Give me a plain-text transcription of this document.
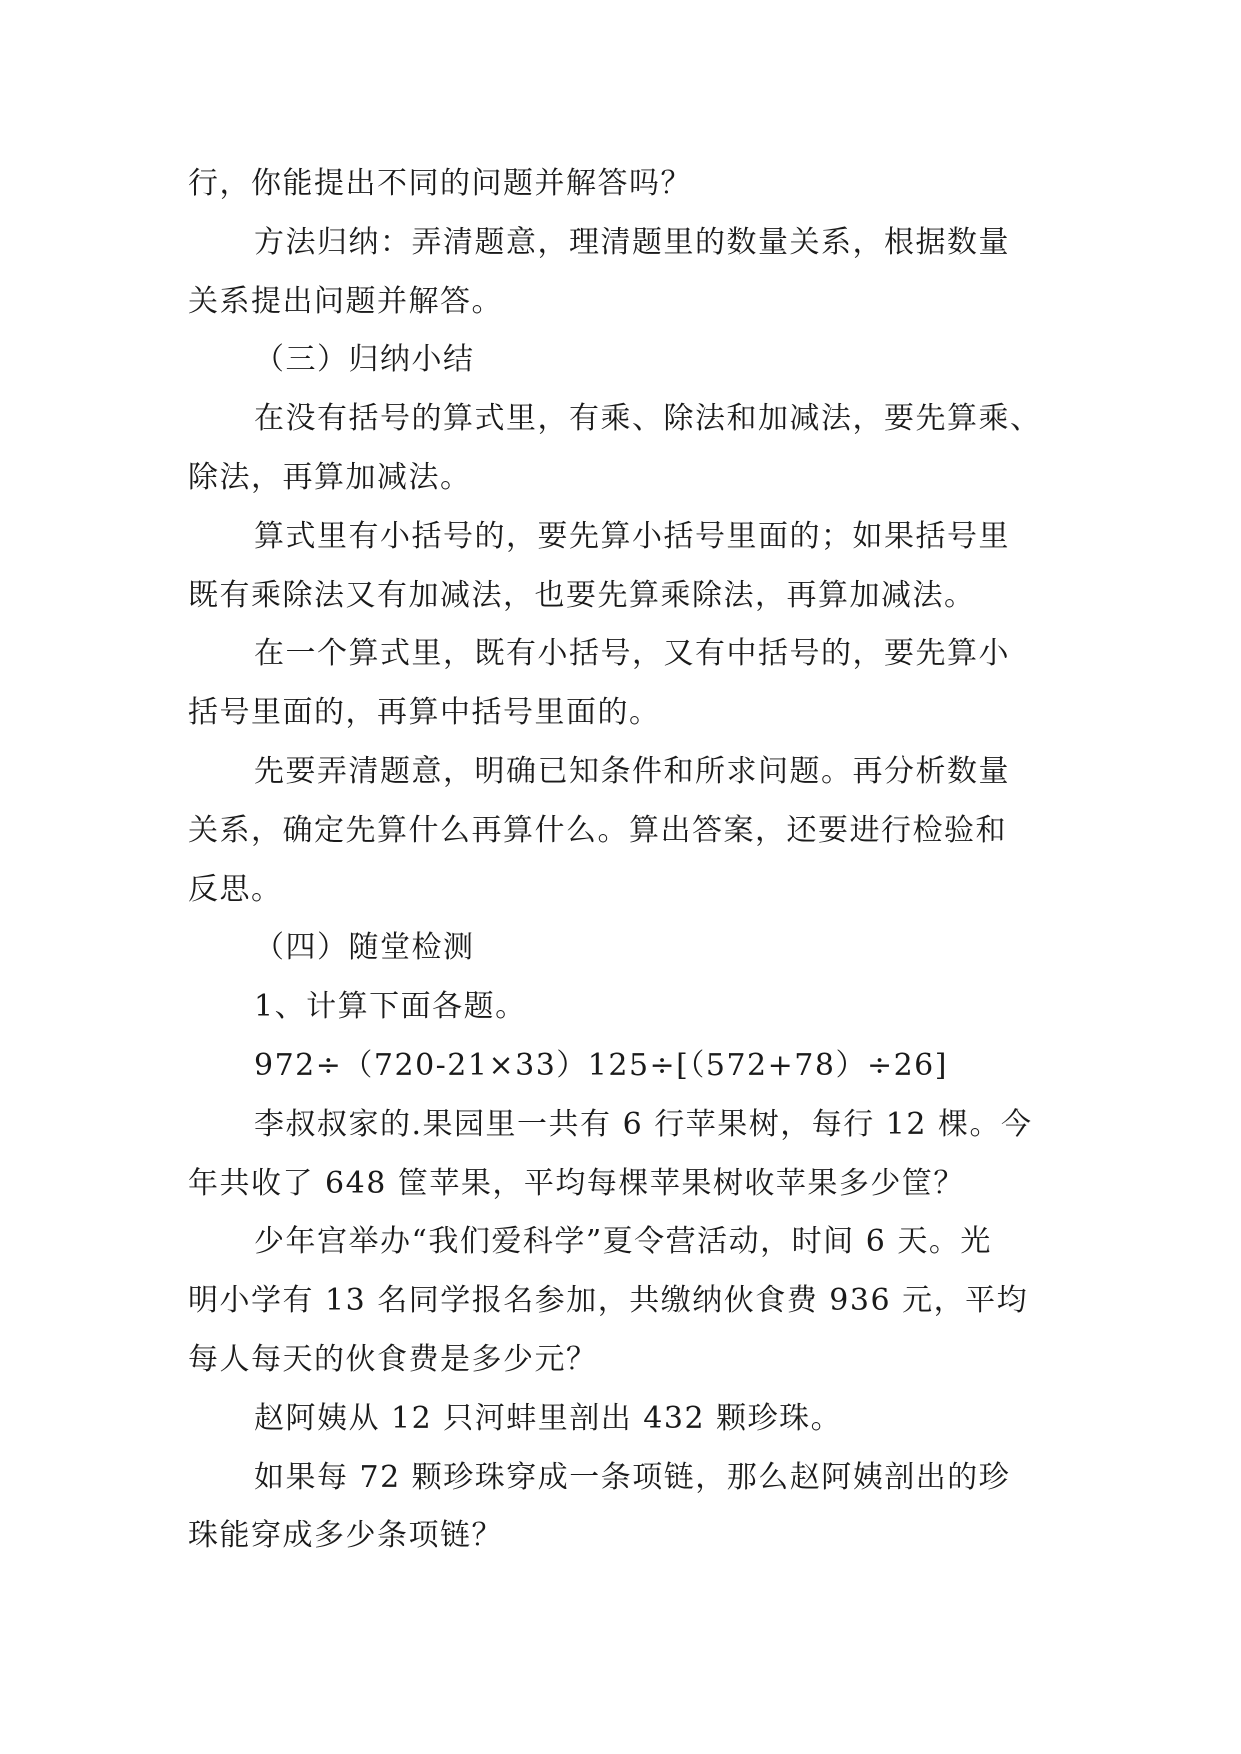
行，你能提出不同的问题并解答吗？
方法归纳：弄清题意，理清题里的数量关系，根据数量
关系提出问题并解答。
（三）归纳小结
在没有括号的算式里，有乘、除法和加减法，要先算乘、
除法，再算加减法。
算式里有小括号的，要先算小括号里面的；如果括号里
既有乘除法又有加减法，也要先算乘除法，再算加减法。
在一个算式里，既有小括号，又有中括号的，要先算小
括号里面的，再算中括号里面的。
先要弄清题意，明确已知条件和所求问题。再分析数量
关系，确定先算什么再算什么。算出答案，还要进行检验和
反思。
（四）随堂检测
1、计算下面各题。
972÷（720-21×33）125÷[（572+78）÷26]
李叔叔家的.果园里一共有 6 行苹果树，每行 12 棵。今
年共收了 648 筐苹果，平均每棵苹果树收苹果多少筐？
少年宫举办“我们爱科学”夏令营活动，时间 6 天。光
明小学有 13 名同学报名参加，共缴纳伙食费 936 元，平均
每人每天的伙食费是多少元？
赵阿姨从 12 只河蚌里剖出 432 颗珍珠。
如果每 72 颗珍珠穿成一条项链，那么赵阿姨剖出的珍
珠能穿成多少条项链？
